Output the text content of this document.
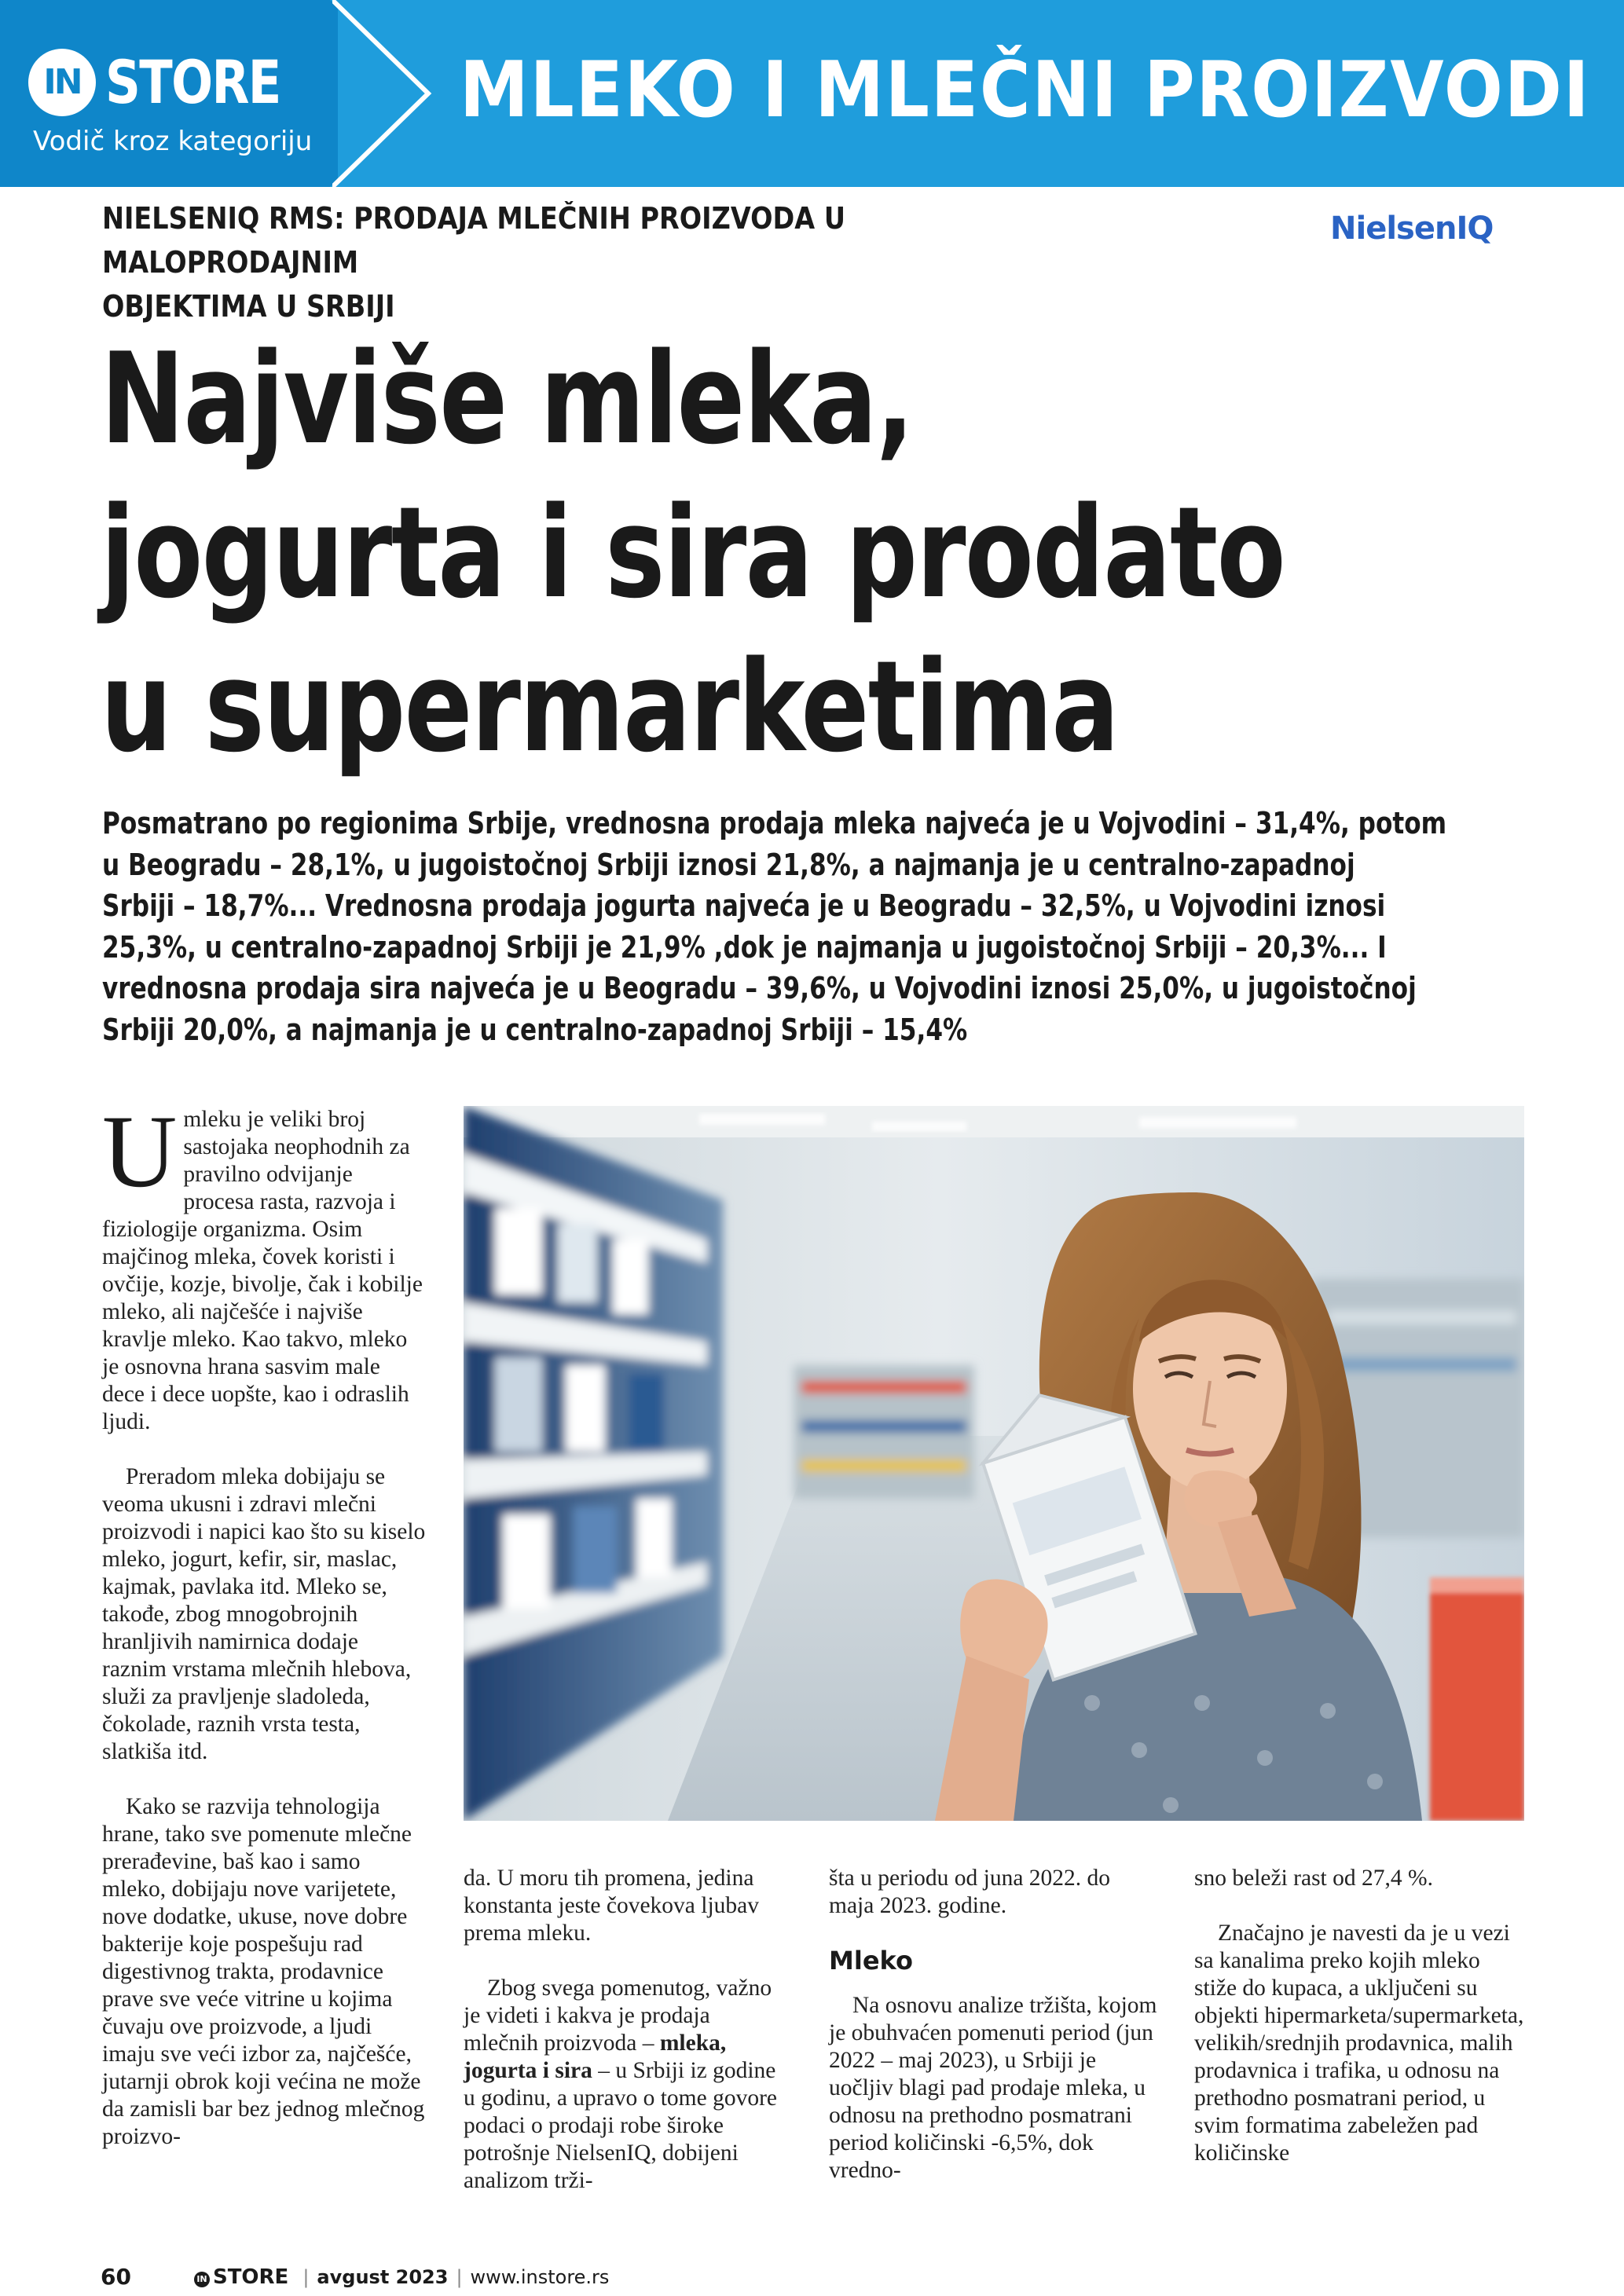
IN STORE
Vodič kroz kategoriju
MLEKO I MLEČNI PROIZVODI
NIELSENIQ RMS: PRODAJA MLEČNIH PROIZVODA U MALOPRODAJNIM
OBJEKTIMA U SRBIJI
NielsenIQ
Najviše mleka,
jogurta i sira prodato
u supermarketima
Posmatrano po regionima Srbije, vrednosna prodaja mleka najveća je u Vojvodini – 31,4%, potom
u Beogradu – 28,1%, u jugoistočnoj Srbiji iznosi 21,8%, a najmanja je u centralno-zapadnoj
Srbiji – 18,7%... Vrednosna prodaja jogurta najveća je u Beogradu – 32,5%, u Vojvodini iznosi
25,3%, u centralno-zapadnoj Srbiji je 21,9% ,dok je najmanja u jugoistočnoj Srbiji – 20,3%... I
vrednosna prodaja sira najveća je u Beogradu – 39,6%, u Vojvodini iznosi 25,0%, u jugoistočnoj
Srbiji 20,0%, a najmanja je u centralno-zapadnoj Srbiji – 15,4%

U mleku je veliki broj sastojaka neophodnih za pravilno odvijanje procesa rasta, razvoja i fiziologije organizma. Osim majčinog mleka, čovek koristi i ovčije, kozje, bivolje, čak i kobilje mleko, ali najčešće i najviše kravlje mleko. Kao takvo, mleko je osnovna hrana sasvim male dece i dece uopšte, kao i odraslih ljudi.

Preradom mleka dobijaju se veoma ukusni i zdravi mlečni proizvodi i napici kao što su kiselo mleko, jogurt, kefir, sir, maslac, kajmak, pavlaka itd. Mleko se, takođe, zbog mnogobrojnih hranljivih namirnica dodaje raznim vrstama mlečnih hlebova, služi za pravljenje sladoleda, čokolade, raznih vrsta testa, slatkiša itd.

Kako se razvija tehnologija hrane, tako sve pomenute mlečne prerađevine, baš kao i samo mleko, dobijaju nove varijetete, nove dodatke, ukuse, nove dobre bakterije koje pospešuju rad digestivnog trakta, prodavnice prave sve veće vitrine u kojima čuvaju ove proizvode, a ljudi imaju sve veći izbor za, najčešće, jutarnji obrok koji većina ne može da zamisli bar bez jednog mlečnog proizvo-

da. U moru tih promena, jedina konstanta jeste čovekova ljubav prema mleku.

Zbog svega pomenutog, važno je videti i kakva je prodaja mlečnih proizvoda – mleka, jogurta i sira – u Srbiji iz godine u godinu, a upravo o tome govore podaci o prodaji robe široke potrošnje NielsenIQ, dobijeni analizom trži-

šta u periodu od juna 2022. do maja 2023. godine.

Mleko

Na osnovu analize tržišta, kojom je obuhvaćen pomenuti period (jun 2022 – maj 2023), u Srbiji je uočljiv blagi pad prodaje mleka, u odnosu na prethodno posmatrani period količinski -6,5%, dok vredno-

sno beleži rast od 27,4 %.

Značajno je navesti da je u vezi sa kanalima preko kojih mleko stiže do kupaca, a uključeni su objekti hipermarketa/supermarketa, velikih/srednjih prodavnica, malih prodavnica i trafika, u odnosu na prethodno posmatrani period, u svim formatima zabeležen pad količinske

60	IN STORE | avgust 2023 | www.instore.rs
